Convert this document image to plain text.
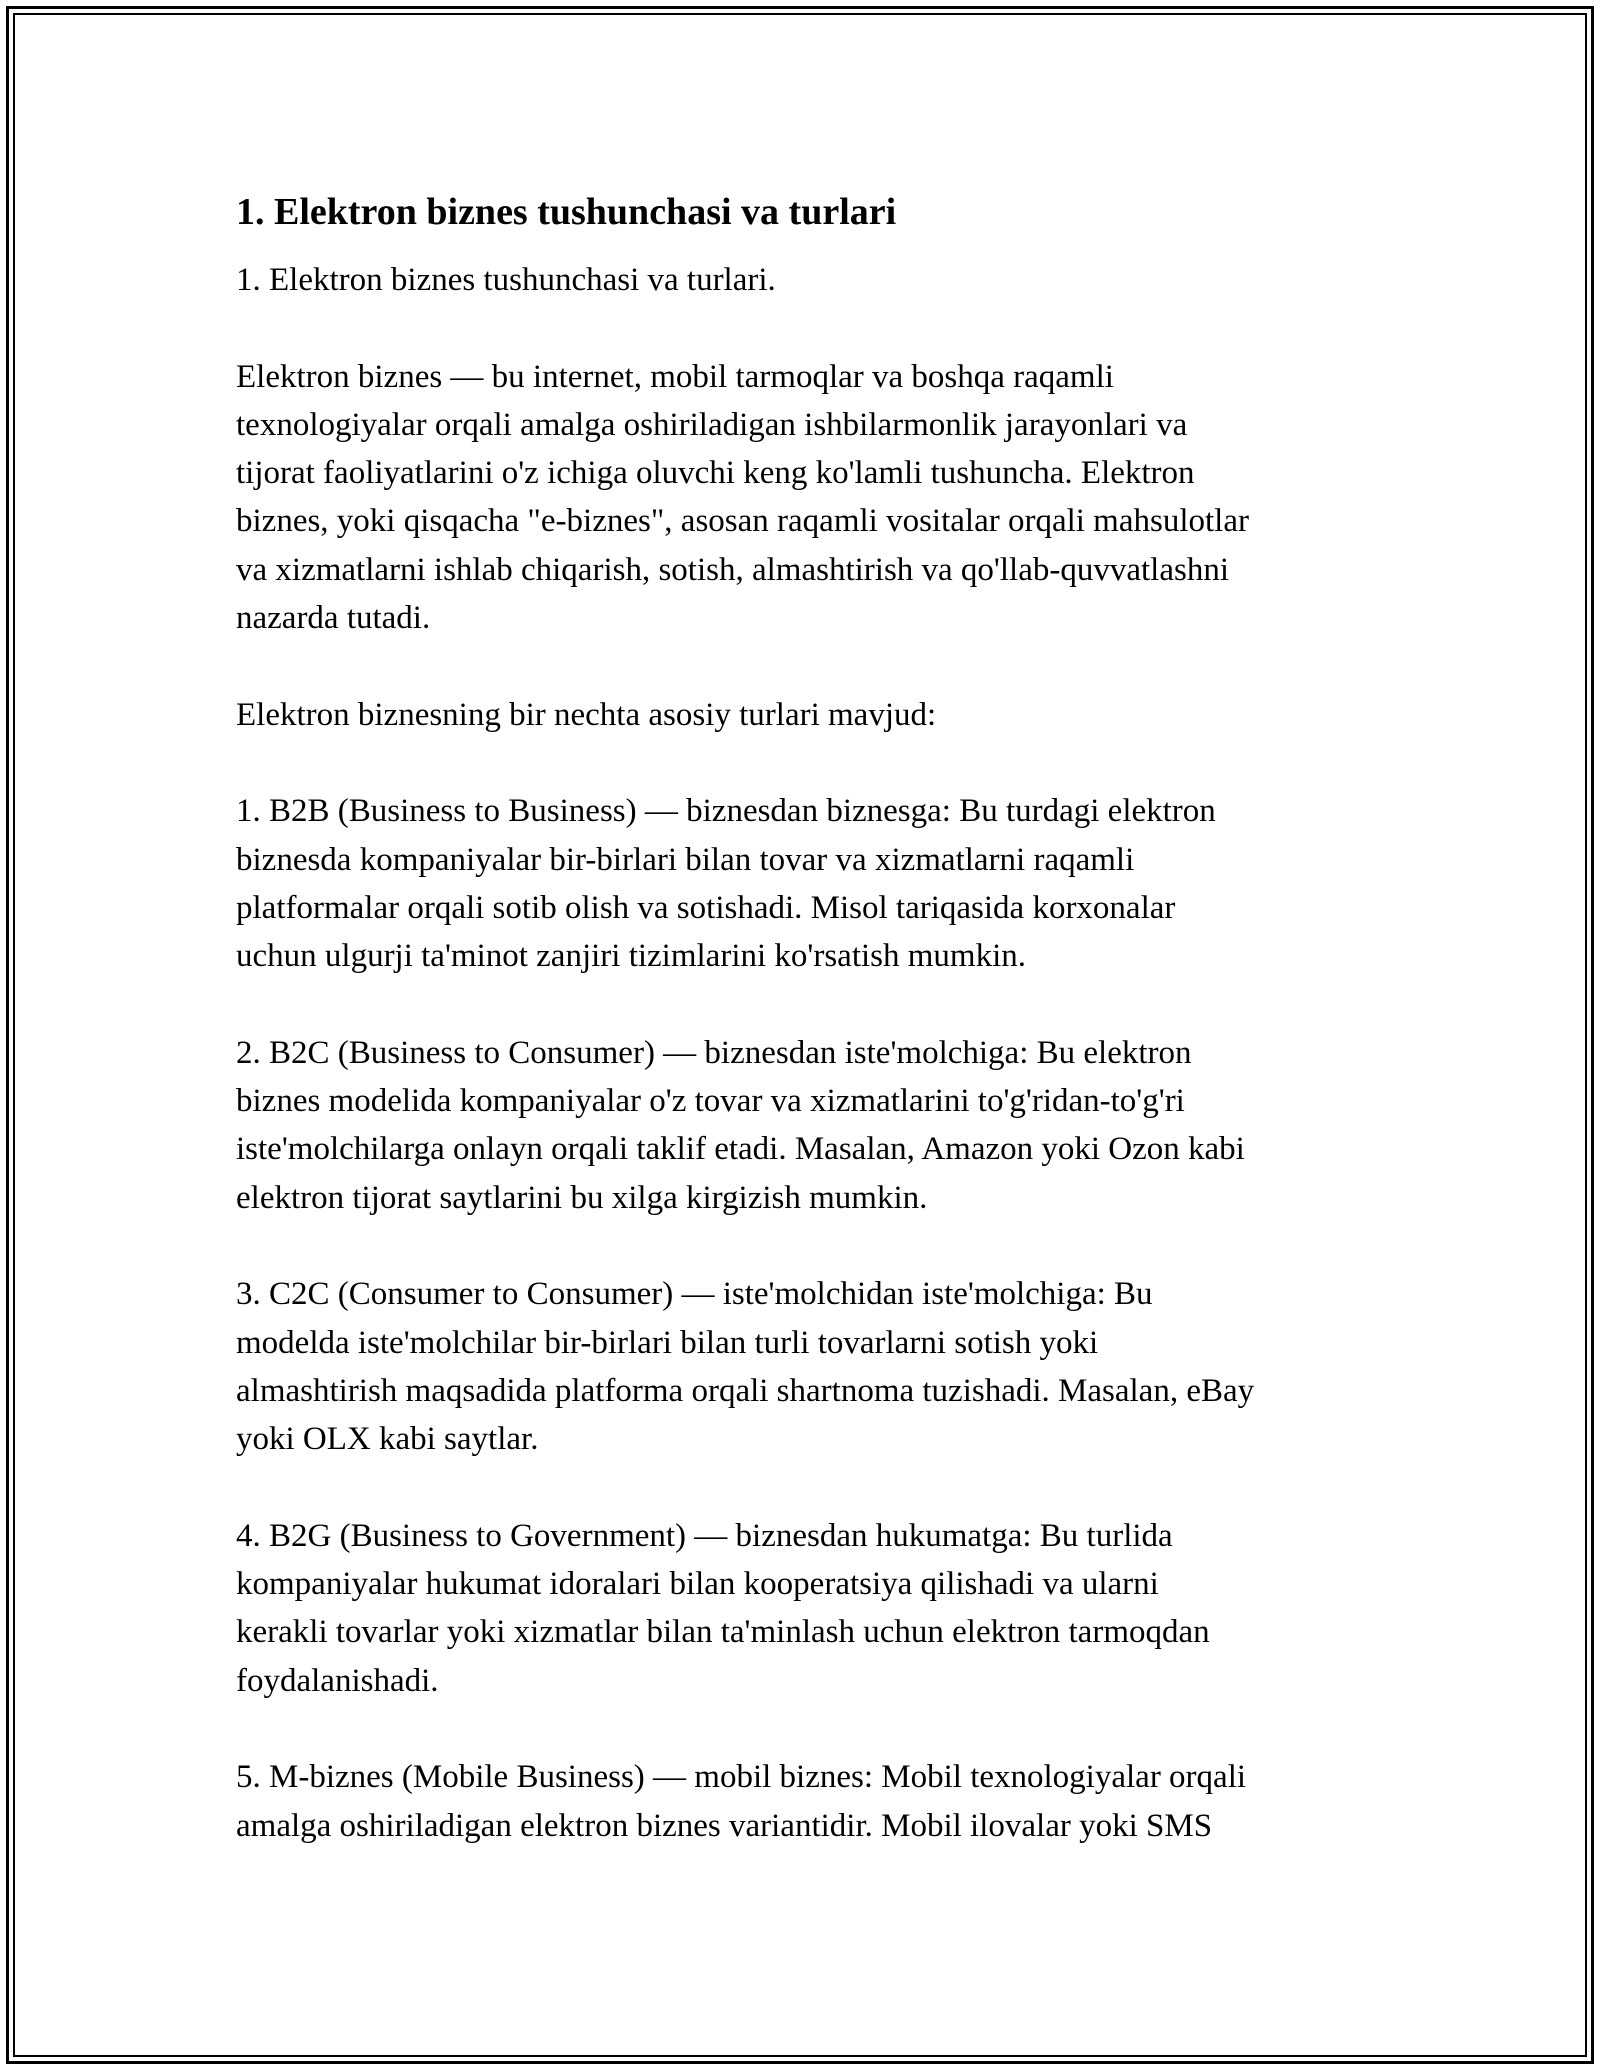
1. Elektron biznes tushunchasi va turlari
1. Elektron biznes tushunchasi va turlari.
Elektron biznes — bu internet, mobil tarmoqlar va boshqa raqamli
texnologiyalar orqali amalga oshiriladigan ishbilarmonlik jarayonlari va
tijorat faoliyatlarini o'z ichiga oluvchi keng ko'lamli tushuncha. Elektron
biznes, yoki qisqacha "e-biznes", asosan raqamli vositalar orqali mahsulotlar
va xizmatlarni ishlab chiqarish, sotish, almashtirish va qo'llab-quvvatlashni
nazarda tutadi.
Elektron biznesning bir nechta asosiy turlari mavjud:
1. B2B (Business to Business) — biznesdan biznesga: Bu turdagi elektron
biznesda kompaniyalar bir-birlari bilan tovar va xizmatlarni raqamli
platformalar orqali sotib olish va sotishadi. Misol tariqasida korxonalar
uchun ulgurji ta'minot zanjiri tizimlarini ko'rsatish mumkin.
2. B2C (Business to Consumer) — biznesdan iste'molchiga: Bu elektron
biznes modelida kompaniyalar o'z tovar va xizmatlarini to'g'ridan-to'g'ri
iste'molchilarga onlayn orqali taklif etadi. Masalan, Amazon yoki Ozon kabi
elektron tijorat saytlarini bu xilga kirgizish mumkin.
3. C2C (Consumer to Consumer) — iste'molchidan iste'molchiga: Bu
modelda iste'molchilar bir-birlari bilan turli tovarlarni sotish yoki
almashtirish maqsadida platforma orqali shartnoma tuzishadi. Masalan, eBay
yoki OLX kabi saytlar.
4. B2G (Business to Government) — biznesdan hukumatga: Bu turlida
kompaniyalar hukumat idoralari bilan kooperatsiya qilishadi va ularni
kerakli tovarlar yoki xizmatlar bilan ta'minlash uchun elektron tarmoqdan
foydalanishadi.
5. M-biznes (Mobile Business) — mobil biznes: Mobil texnologiyalar orqali
amalga oshiriladigan elektron biznes variantidir. Mobil ilovalar yoki SMS
